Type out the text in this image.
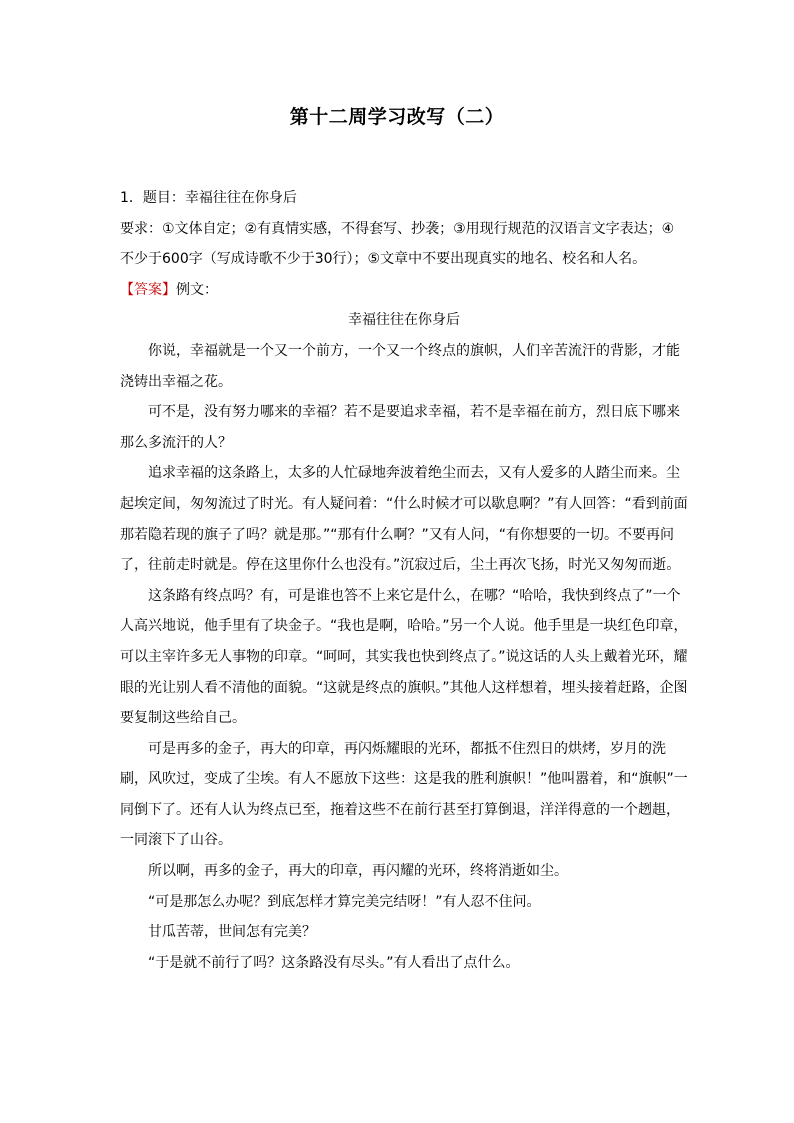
第十二周学习改写（二）

1．题目：幸福往往在你身后

要求：①文体自定；②有真情实感，不得套写、抄袭；③用现行规范的汉语言文字表达；④不少于600字（写成诗歌不少于30行）；⑤文章中不要出现真实的地名、校名和人名。

【答案】例文：

幸福往往在你身后

你说，幸福就是一个又一个前方，一个又一个终点的旗帜，人们辛苦流汗的背影，才能浇铸出幸福之花。

可不是，没有努力哪来的幸福？若不是要追求幸福，若不是幸福在前方，烈日底下哪来那么多流汗的人？

追求幸福的这条路上，太多的人忙碌地奔波着绝尘而去，又有人爱多的人踏尘而来。尘起埃定间，匆匆流过了时光。有人疑问着：“什么时候才可以歇息啊？”有人回答：“看到前面那若隐若现的旗子了吗？就是那。”“那有什么啊？”又有人问，“有你想要的一切。不要再问了，往前走时就是。停在这里你什么也没有。”沉寂过后，尘土再次飞扬，时光又匆匆而逝。

这条路有终点吗？有，可是谁也答不上来它是什么，在哪？“哈哈，我快到终点了”一个人高兴地说，他手里有了块金子。“我也是啊，哈哈。”另一个人说。他手里是一块红色印章，可以主宰许多无人事物的印章。“呵呵，其实我也快到终点了。”说这话的人头上戴着光环，耀眼的光让别人看不清他的面貌。“这就是终点的旗帜。”其他人这样想着，埋头接着赶路，企图要复制这些给自己。

可是再多的金子，再大的印章，再闪烁耀眼的光环，都抵不住烈日的烘烤，岁月的洗刷，风吹过，变成了尘埃。有人不愿放下这些：这是我的胜利旗帜！”他叫嚣着，和“旗帜”一同倒下了。还有人认为终点已至，拖着这些不在前行甚至打算倒退，洋洋得意的一个趔趄，一同滚下了山谷。

所以啊，再多的金子，再大的印章，再闪耀的光环，终将消逝如尘。

“可是那怎么办呢？到底怎样才算完美完结呀！”有人忍不住问。

甘瓜苦蒂，世间怎有完美？

“于是就不前行了吗？这条路没有尽头。”有人看出了点什么。
